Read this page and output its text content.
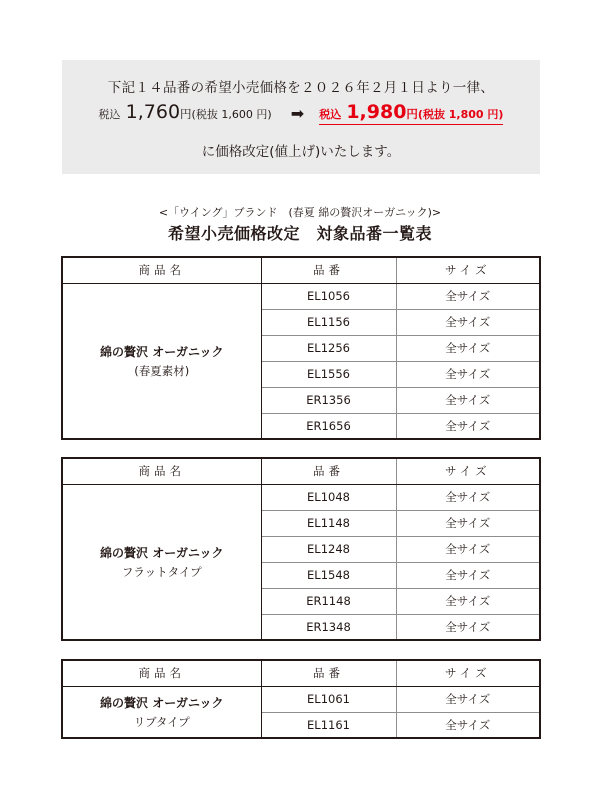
下記１４品番の希望小売価格を２０２６年２月１日より一律、
税込 1,760円(税抜 1,600 円) ➡ 税込 1,980円(税抜 1,800 円)
に価格改定(値上げ)いたします。
<「ウイング」ブランド　(春夏 綿の贅沢オーガニック)>
希望小売価格改定　対象品番一覧表
商品名	品番	サイズ

綿の贅沢 オーガニック
(春夏素材)	EL1056	全サイズ
	EL1156	全サイズ
	EL1256	全サイズ
	EL1556	全サイズ
	ER1356	全サイズ
	ER1656	全サイズ
商品名	品番	サイズ

綿の贅沢 オーガニック
フラットタイプ	EL1048	全サイズ
	EL1148	全サイズ
	EL1248	全サイズ
	EL1548	全サイズ
	ER1148	全サイズ
	ER1348	全サイズ
商品名	品番	サイズ

綿の贅沢 オーガニック
リブタイプ	EL1061	全サイズ
	EL1161	全サイズ
